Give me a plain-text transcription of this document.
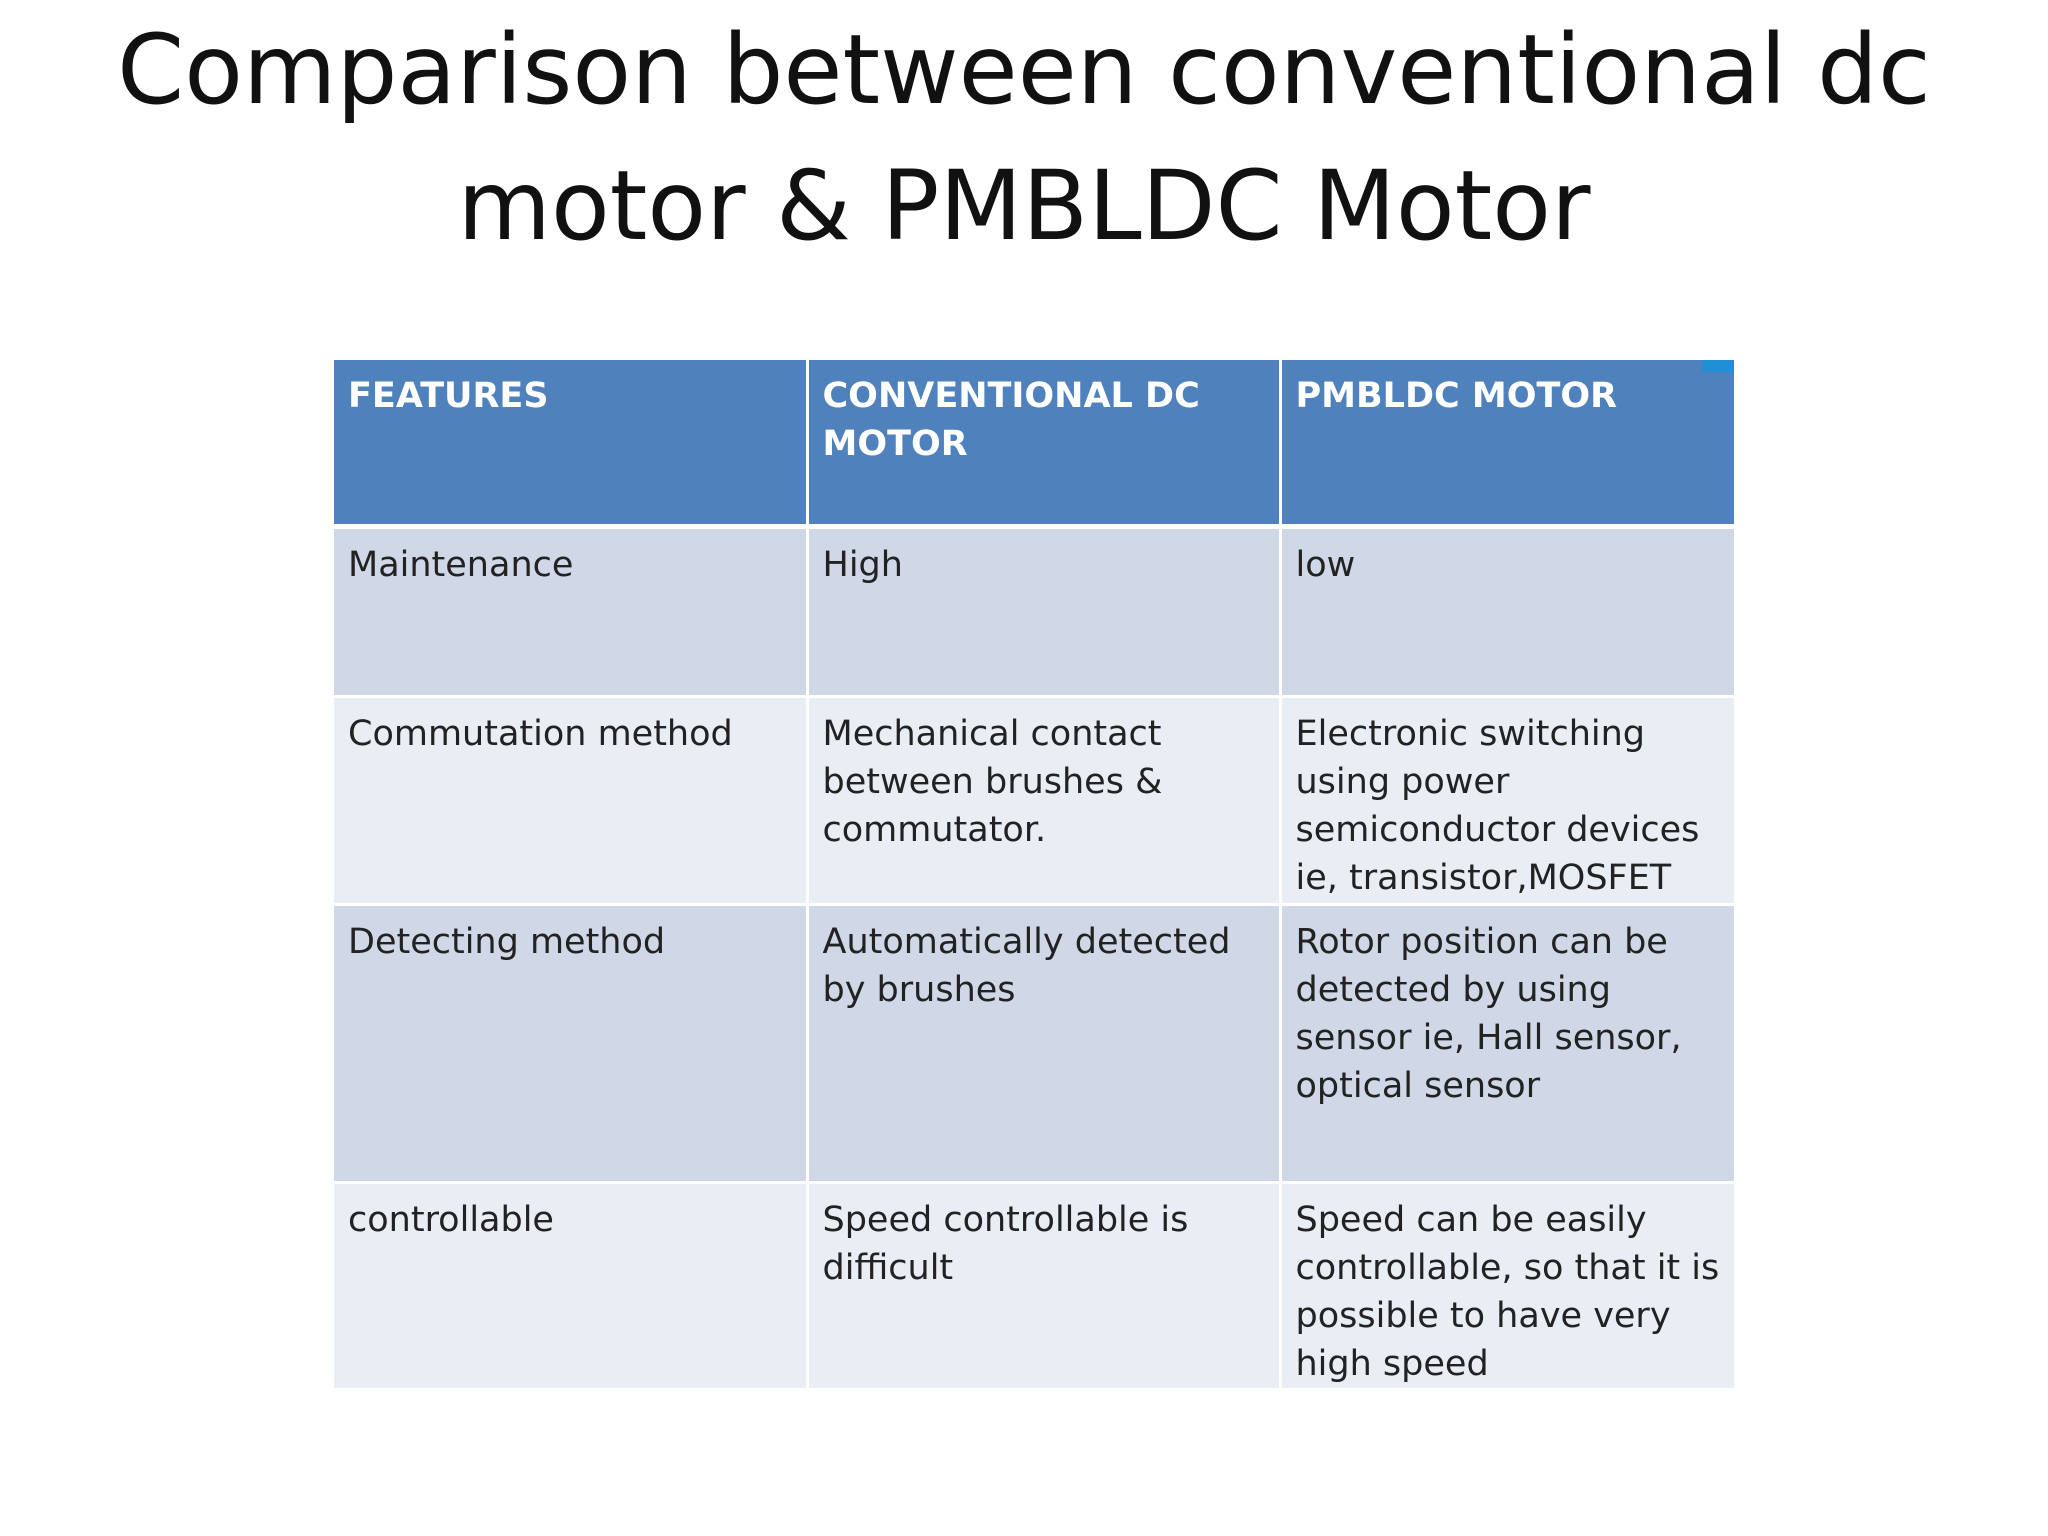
Comparison between conventional dc
motor & PMBLDC Motor
FEATURES	CONVENTIONAL DC MOTOR	PMBLDC MOTOR
Maintenance	High	low
Commutation method	Mechanical contact between brushes & commutator.	Electronic switching using power semiconductor devices ie, transistor,MOSFET
Detecting method	Automatically detected by brushes	Rotor position can be detected by using sensor ie, Hall sensor, optical sensor
controllable	Speed controllable is difficult	Speed can be easily controllable, so that it is possible to have very high speed
